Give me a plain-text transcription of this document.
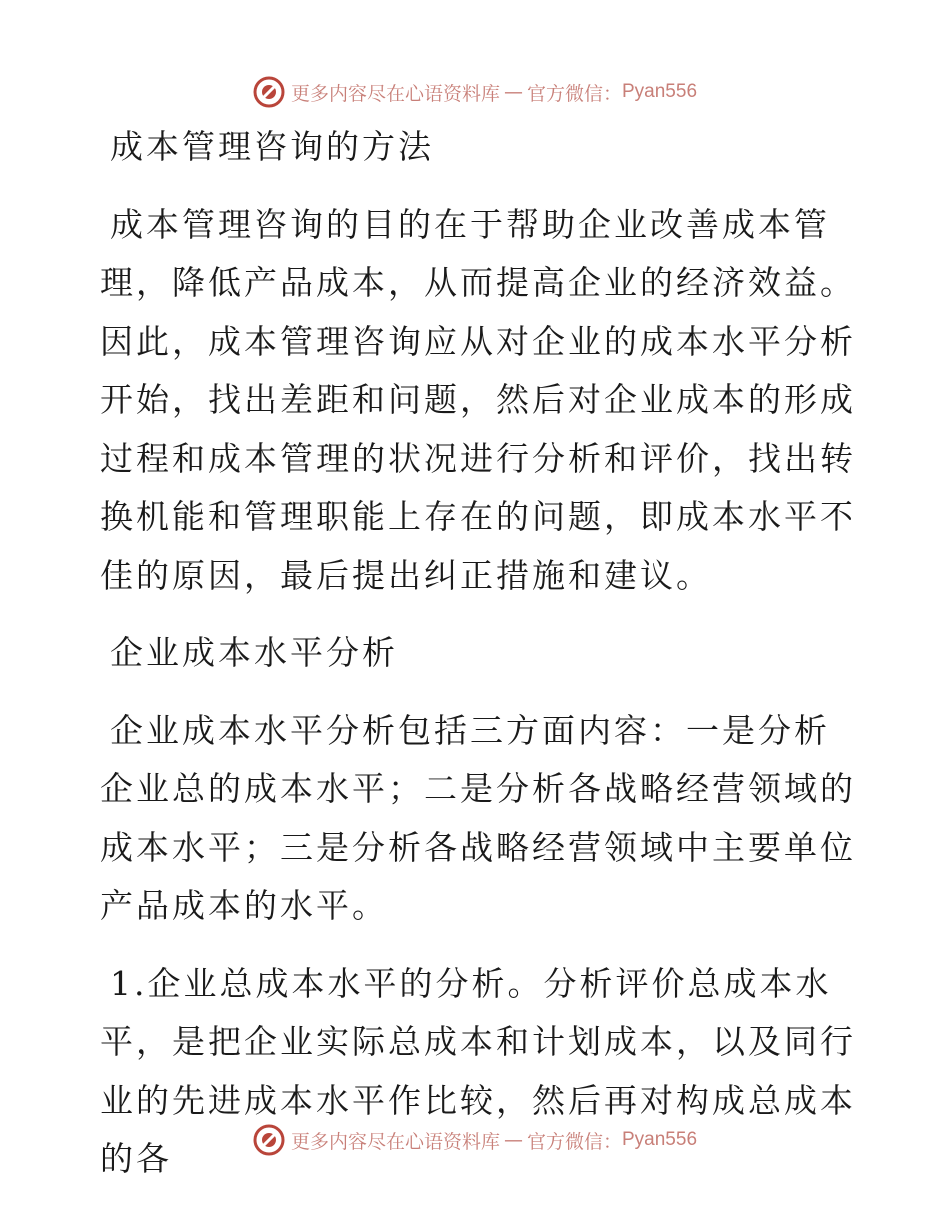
更多内容尽在心语资料库 — 官方微信： Pyan556

成本管理咨询的方法

成本管理咨询的目的在于帮助企业改善成本管理，降低产品成本，从而提高企业的经济效益。因此，成本管理咨询应从对企业的成本水平分析开始，找出差距和问题，然后对企业成本的形成过程和成本管理的状况进行分析和评价，找出转换机能和管理职能上存在的问题，即成本水平不佳的原因，最后提出纠正措施和建议。

企业成本水平分析

企业成本水平分析包括三方面内容：一是分析企业总的成本水平；二是分析各战略经营领域的成本水平；三是分析各战略经营领域中主要单位产品成本的水平。

1.企业总成本水平的分析。分析评价总成本水平，是把企业实际总成本和计划成本，以及同行业的先进成本水平作比较，然后再对构成总成本的各	更多内容尽在心语资料库 — 官方微信： Pyan556
